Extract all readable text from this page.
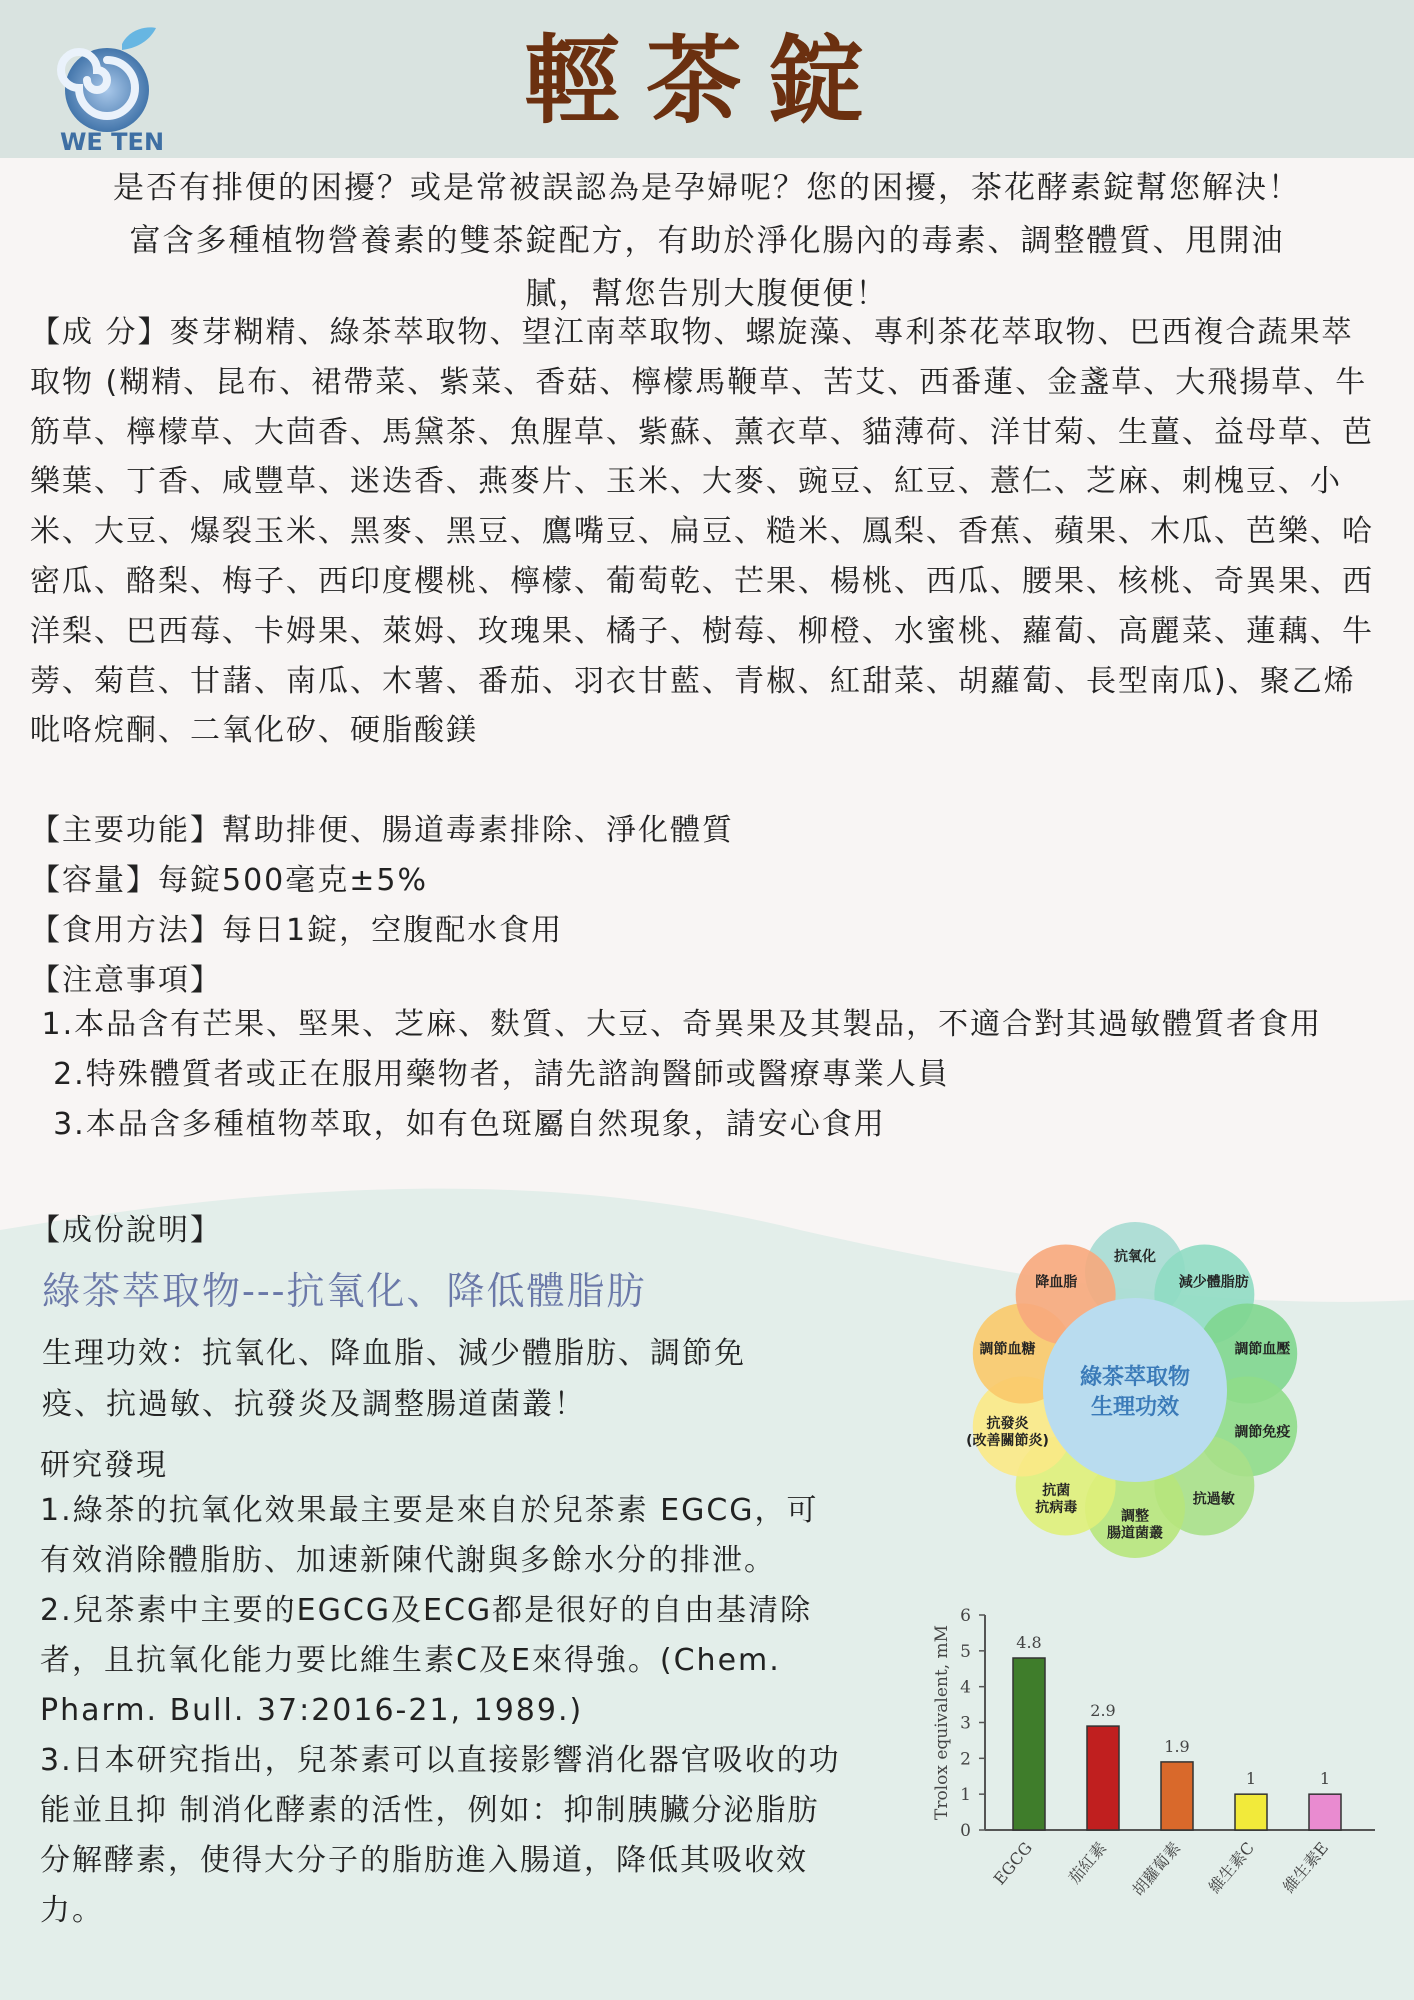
WE TEN
輕茶錠
是否有排便的困擾？或是常被誤認為是孕婦呢？您的困擾，茶花酵素錠幫您解決！
富含多種植物營養素的雙茶錠配方，有助於淨化腸內的毒素、調整體質、甩開油
膩，幫您告別大腹便便！
【成 分】麥芽糊精、綠茶萃取物、望江南萃取物、螺旋藻、專利茶花萃取物、巴西複合蔬果萃取物 (糊精、昆布、裙帶菜、紫菜、香菇、檸檬馬鞭草、苦艾、西番蓮、金盞草、大飛揚草、牛筋草、檸檬草、大茴香、馬黛茶、魚腥草、紫蘇、薰衣草、貓薄荷、洋甘菊、生薑、益母草、芭樂葉、丁香、咸豐草、迷迭香、燕麥片、玉米、大麥、豌豆、紅豆、薏仁、芝麻、刺槐豆、小米、大豆、爆裂玉米、黑麥、黑豆、鷹嘴豆、扁豆、糙米、鳳梨、香蕉、蘋果、木瓜、芭樂、哈密瓜、酪梨、梅子、西印度櫻桃、檸檬、葡萄乾、芒果、楊桃、西瓜、腰果、核桃、奇異果、西洋梨、巴西莓、卡姆果、萊姆、玫瑰果、橘子、樹莓、柳橙、水蜜桃、蘿蔔、高麗菜、蓮藕、牛蒡、菊苣、甘藷、南瓜、木薯、番茄、羽衣甘藍、青椒、紅甜菜、胡蘿蔔、長型南瓜)、聚乙烯吡咯烷酮、二氧化矽、硬脂酸鎂
【主要功能】幫助排便、腸道毒素排除、淨化體質
【容量】每錠500毫克±5%
【食用方法】每日1錠，空腹配水食用
【注意事項】
1.本品含有芒果、堅果、芝麻、麩質、大豆、奇異果及其製品，不適合對其過敏體質者食用
2.特殊體質者或正在服用藥物者，請先諮詢醫師或醫療專業人員
3.本品含多種植物萃取，如有色斑屬自然現象，請安心食用
【成份說明】
綠茶萃取物---抗氧化、降低體脂肪
生理功效：抗氧化、降血脂、減少體脂肪、調節免
疫、抗過敏、抗發炎及調整腸道菌叢！
研究發現

1.綠茶的抗氧化效果最主要是來自於兒茶素 EGCG，可

有效消除體脂肪、加速新陳代謝與多餘水分的排泄。

2.兒茶素中主要的EGCG及ECG都是很好的自由基清除

者，且抗氧化能力要比維生素C及E來得強。(Chem.

Pharm. Bull. 37:2016-21, 1989.)

3.日本研究指出，兒茶素可以直接影響消化器官吸收的功

能並且抑 制消化酵素的活性，例如：抑制胰臟分泌脂肪

分解酵素，使得大分子的脂肪進入腸道，降低其吸收效

力。

綠茶萃取物
生理功效
抗氧化
減少體脂肪
調節血壓
調節免疫
抗過敏
調整
腸道菌叢
抗菌
抗病毒
抗發炎
(改善關節炎)
調節血糖
降血脂
0
1
2
3
4
5
6
Trolox equivalent, mM	4.8
EGCG
2.9
茄紅素
1.9
胡蘿蔔素
1
維生素C
1
維生素E
